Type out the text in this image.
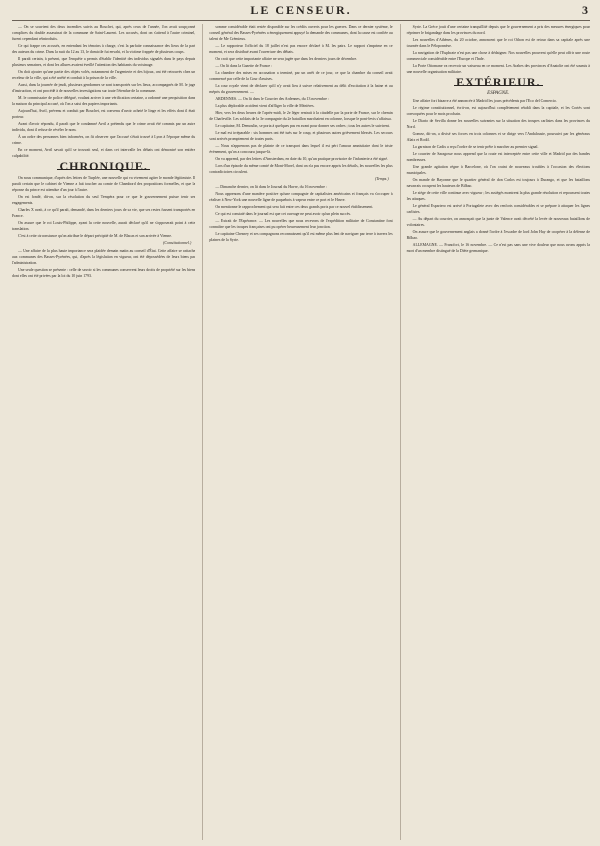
LE CENSEUR.	3

— On se souvient des deux incendies suivis au Bouchet, qui, après ceux de l'année, l'on avait soupçonné complices du double assassinat de la commune de Saint-Laurent. Les accusés, dont on s'attend à l'autre criminel, furent cependant réintroduits.

Ce qui frappe ces accusés, en entendant les témoins à charge, c'est la parfaite connaissance des lieux de la part des auteurs du crime. Dans la nuit du 12 au 13, le domicile fut envahi, et la victime frappée de plusieurs coups.

Il paraît certain, à présent, que l'enquête a permis d'établir l'identité des individus signalés dans le pays depuis plusieurs semaines, et dont les allures avaient éveillé l'attention des habitants du voisinage.

On doit ajouter qu'une partie des objets volés, notamment de l'argenterie et des bijoux, ont été retrouvés chez un receleur de la ville, qui a été arrêté et conduit à la prison de la ville.

Aussi, dans la journée de jeudi, plusieurs gendarmes se sont transportés sur les lieux, accompagnés de M. le juge d'instruction, et ont procédé à de nouvelles investigations sur toute l'étendue de la commune.

M. le commissaire de police délégué, voulant arriver à une vérification certaine, a ordonné une perquisition dans la maison du principal accusé, où l'on a saisi des papiers importants.

Aujourd'hui, Avril, prévenu et conduit par Bouchet, est convenu d'avoir acheté le linge et les effets dont il était porteur.

Avant d'avoir répondu, il paraît que le condamné Avril a prétendu que le crime avait été commis par un autre individu, dont il refuse de révéler le nom.

À un ordre des personnes bien informées, on fit observer que l'accusé s'était trouvé à Lyon à l'époque même du crime.

En ce moment, Avril savait qu'il se trouvait seul, et dans cet intervalle les débats ont démontré son entière culpabilité.

CHRONIQUE.

On nous communique, d'après des lettres de Turplée, une nouvelle qui va vivement agiter le monde légitimiste. Il paraît certain que le cabinet de Vienne a fait toucher au comte de Chambord des propositions formelles, et que la réponse du prince est attendue d'un jour à l'autre.

On est fondé, dit-on, sur la résolution du seul Tempéra pour ce que le gouvernement puisse tenir ses engagements.

Charles X avait, à ce qu'il paraît, demandé, dans les derniers jours de sa vie, que ses restes fussent transportés en France.

On assure que le roi Louis-Philippe, ayant lu cette nouvelle, aurait déclaré qu'il ne s'opposerait point à cette translation.

C'est à cette circonstance qu'on attribue le départ précipité de M. de Blacas et son arrivée à Vienne.

(Constitutionnel.)

— Une affaire de la plus haute importance sera plaidée demain matin au conseil d'État. Cette affaire se rattache aux communes des Basses-Pyrénées, qui, d'après la législation en vigueur, ont été dépossédées de leurs biens par l'administration.

Une seule question se présente : celle de savoir si les communes conservent leurs droits de propriété sur les biens dont elles ont été privées par la loi du 10 juin 1793.

somme considérable était restée disponible sur les crédits ouverts pour les guerres. Dans ce dernier système, le conseil général des Basses-Pyrénées a énergiquement appuyé la demande des communes, dont la cause est confiée au talent de Me Crémieux.

— Le rapporteur l'officiel du 18 juillet n'est pas encore déclaré à M. les pairs. Le rapport s'imprime en ce moment, et sera distribué avant l'ouverture des débats.

On croit que cette importante affaire ne sera jugée que dans les derniers jours de décembre.

— On lit dans la Gazette de France :

La chambre des mises en accusation a terminé, par un arrêt de ce jour, ce que la chambre du conseil avait commencé par celle de la Cour d'assises.

La cour royale vient de déclarer qu'il n'y avait lieu à suivre relativement au délit d'excitation à la haine et au mépris du gouvernement. —

ARDENNES. — On lit dans le Courrier des Ardennes, du 13 novembre :

La plus déplorable accident vient d'affliger la ville de Mézières.

Hier, vers les deux heures de l'après-midi, le 2e léger rentrait à la citadelle par la porte de France, sur le chemin de Charleville. Les soldats de la 3e compagnie du 2e bataillon marchaient en colonne, lorsque le pont-levis s'affaissa.

Le capitaine, M. Demoulin, se porta à quelques pas en avant pour donner ses ordres ; tous les autres le suivirent.

Le mal est irréparable : six hommes ont été tués sur le coup, et plusieurs autres grièvement blessés. Les secours sont arrivés promptement de toutes parts.

— Nous n'apprenons pas de plainte de ce transport dans lequel il est péri l'amour amnistiaire dont le triste évènement, qu'on a concouru jusque-là.

On va apprend, par des lettres d'Amsterdam, en date du 10, qu'un pratique provisoire de l'infanterie a été signé.

Lors d'un épisode du même comté de Mont-Morel, dont on n'a pas encore appris les détails, les nouvelles les plus contradictoires circulent.

(Temps.)

— Dimanche dernier, on lit dans le Journal du Havre, du 16 novembre :

Nous apprenons d'une manière positive qu'une compagnie de capitalistes américains et français va s'occuper à réaliser à New-York une nouvelle ligne de paquebots à vapeur entre ce port et le Havre.

On mentionne le rapprochement qui sera fait entre ces deux grands ports par ce nouvel établissement.

Ce qui est constaté dans le journal est que cet ouvrage ne peut avoir qu'un plein succès.

— Extrait de l'Espérance. — Les nouvelles que nous recevons de l'expédition militaire de Constantine font connaître que les troupes françaises ont pu opérer heureusement leur jonction.

Le capitaine Chesney et ses compagnons reconnaissent qu'il est même plus lent de naviguer par terre à travers les plaines de la Syrie.

Syrie. La Grèce jouit d'une certaine tranquillité depuis que le gouvernement a pris des mesures énergiques pour réprimer le brigandage dans les provinces du nord.

Les nouvelles d'Athènes, du 20 octobre, annoncent que le roi Othon est de retour dans sa capitale après une tournée dans le Péloponnèse.

La navigation de l'Euphrate n'est pas une chose à dédaigner. Nos nouvelles prouvent qu'elle peut offrir une route commerciale considérable entre l'Europe et l'Inde.

La Porte Ottomane va recevoir un vaisseau en ce moment. Les Arabes des provinces d'Anatolie ont été soumis à une nouvelle organisation militaire.

EXTÉRIEUR.
ESPAGNE.

Une affaire fort bizarre a été annoncée à Madrid les jours précédents par l'Eco del Comercio.

Le régime constitutionnel, écrit-on, est aujourd'hui complètement rétabli dans la capitale, et les Cortès sont convoquées pour le mois prochain.

Le Diario de Sevilla donne les nouvelles suivantes sur la situation des troupes carlistes dans les provinces du Nord.

Gomez, dit-on, a divisé ses forces en trois colonnes et se dirige vers l'Andalousie, poursuivi par les généraux Alaix et Rodil.

La garnison de Cadix a reçu l'ordre de se tenir prête à marcher au premier signal.

Le courrier de Saragosse nous apprend que la route est interceptée entre cette ville et Madrid par des bandes nombreuses.

Une grande agitation règne à Barcelone, où l'on craint de nouveaux troubles à l'occasion des élections municipales.

On mande de Bayonne que le quartier général de don Carlos est toujours à Durango, et que les bataillons navarrais occupent les hauteurs de Bilbao.

Le siège de cette ville continue avec vigueur ; les assiégés montrent la plus grande résolution et repoussent toutes les attaques.

Le général Espartero est arrivé à Portugalete avec des renforts considérables et se prépare à attaquer les lignes carlistes.

— Au départ du courrier, on annonçait que la junte de Valence avait décrété la levée de nouveaux bataillons de volontaires.

On assure que le gouvernement anglais a donné l'ordre à l'escadre de lord John Hay de coopérer à la défense de Bilbao.

ALLEMAGNE. — Francfort, le 16 novembre. — Ce n'est pas sans une vive douleur que nous avons appris la mort d'un membre distingué de la Diète germanique.
